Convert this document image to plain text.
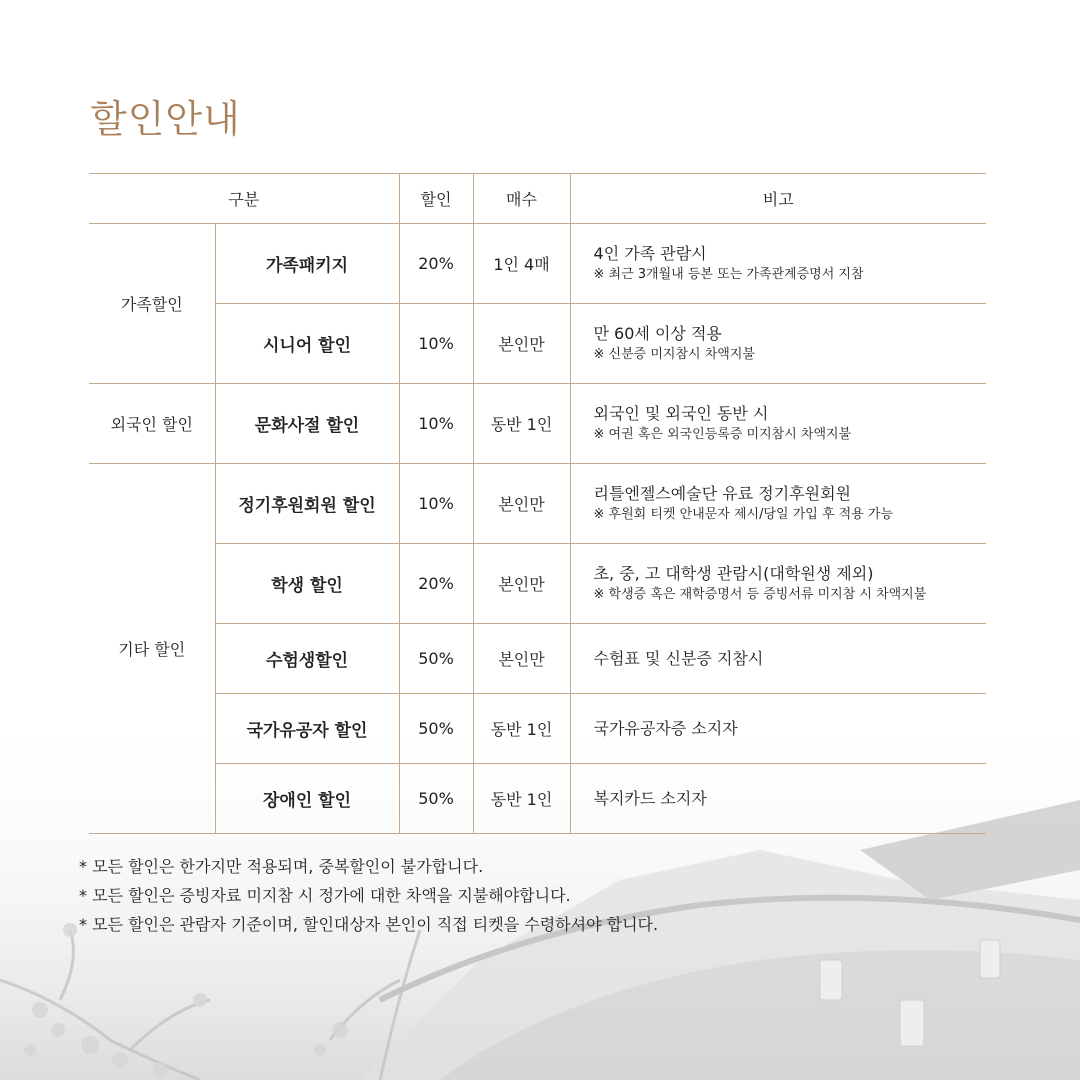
할인안내
구분		할인	매수	비고
가족할인	가족패키지	20%	1인 4매	4인 가족 관람시
※ 최근 3개월내 등본 또는 가족관계증명서 지참

	시니어 할인	10%	본인만	만 60세 이상 적용
※ 신분증 미지참시 차액지불

외국인 할인	문화사절 할인	10%	동반 1인	외국인 및 외국인 동반 시
※ 여권 혹은 외국인등록증 미지참시 차액지불

기타 할인	정기후원회원 할인	10%	본인만	리틀엔젤스예술단 유료 정기후원회원
※ 후원회 티켓 안내문자 제시/당일 가입 후 적용 가능

	학생 할인	20%	본인만	초, 중, 고 대학생 관람시(대학원생 제외)
※ 학생증 혹은 재학증명서 등 증빙서류 미지참 시 차액지불

	수험생할인	50%	본인만	수험표 및 신분증 지참시

	국가유공자 할인	50%	동반 1인	국가유공자증 소지자

	장애인 할인	50%	동반 1인	복지카드 소지자

* 모든 할인은 한가지만 적용되며, 중복할인이 불가합니다.

* 모든 할인은 증빙자료 미지참 시 정가에 대한 차액을 지불해야합니다.

* 모든 할인은 관람자 기준이며, 할인대상자 본인이 직접 티켓을 수령하셔야 합니다.
